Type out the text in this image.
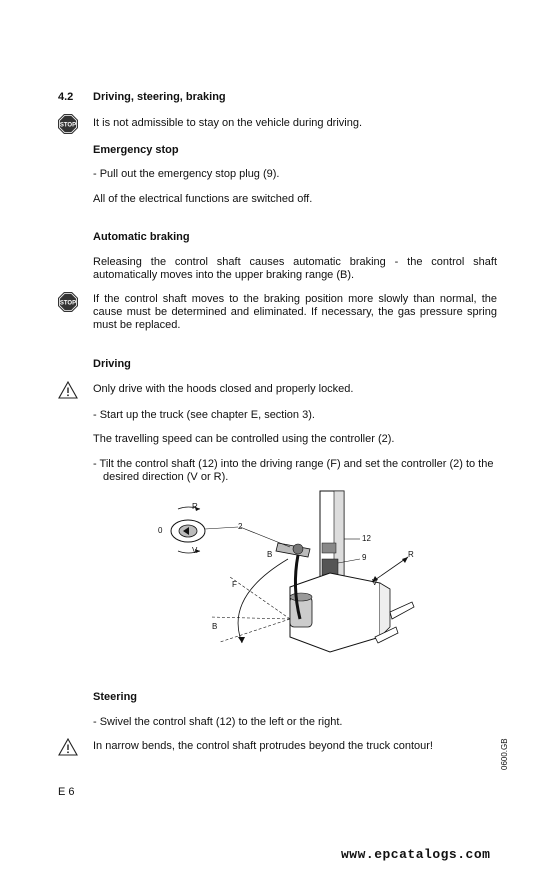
4.2 Driving, steering, braking
STOP It is not admissible to stay on the vehicle during driving.
Emergency stop
- Pull out the emergency stop plug (9).
All of the electrical functions are switched off.
Automatic braking
Releasing the control shaft causes automatic braking - the control shaft automatically moves into the upper braking range (B).
STOP If the control shaft moves to the braking position more slowly than normal, the cause must be determined and eliminated. If necessary, the gas pressure spring must be replaced.
Driving
Only drive with the hoods closed and properly locked.
- Start up the truck (see chapter E, section 3).
The travelling speed can be controlled using the controller (2).
- Tilt the control shaft (12) into the driving range (F) and set the controller (2) to the
desired direction (V or R).
R
0
V
2
12
9
B	R
V
F
B
Steering
- Swivel the control shaft (12) to the left or the right.
In narrow bends, the control shaft protrudes beyond the truck contour!	0600.GB
E 6
www.epcatalogs.com
